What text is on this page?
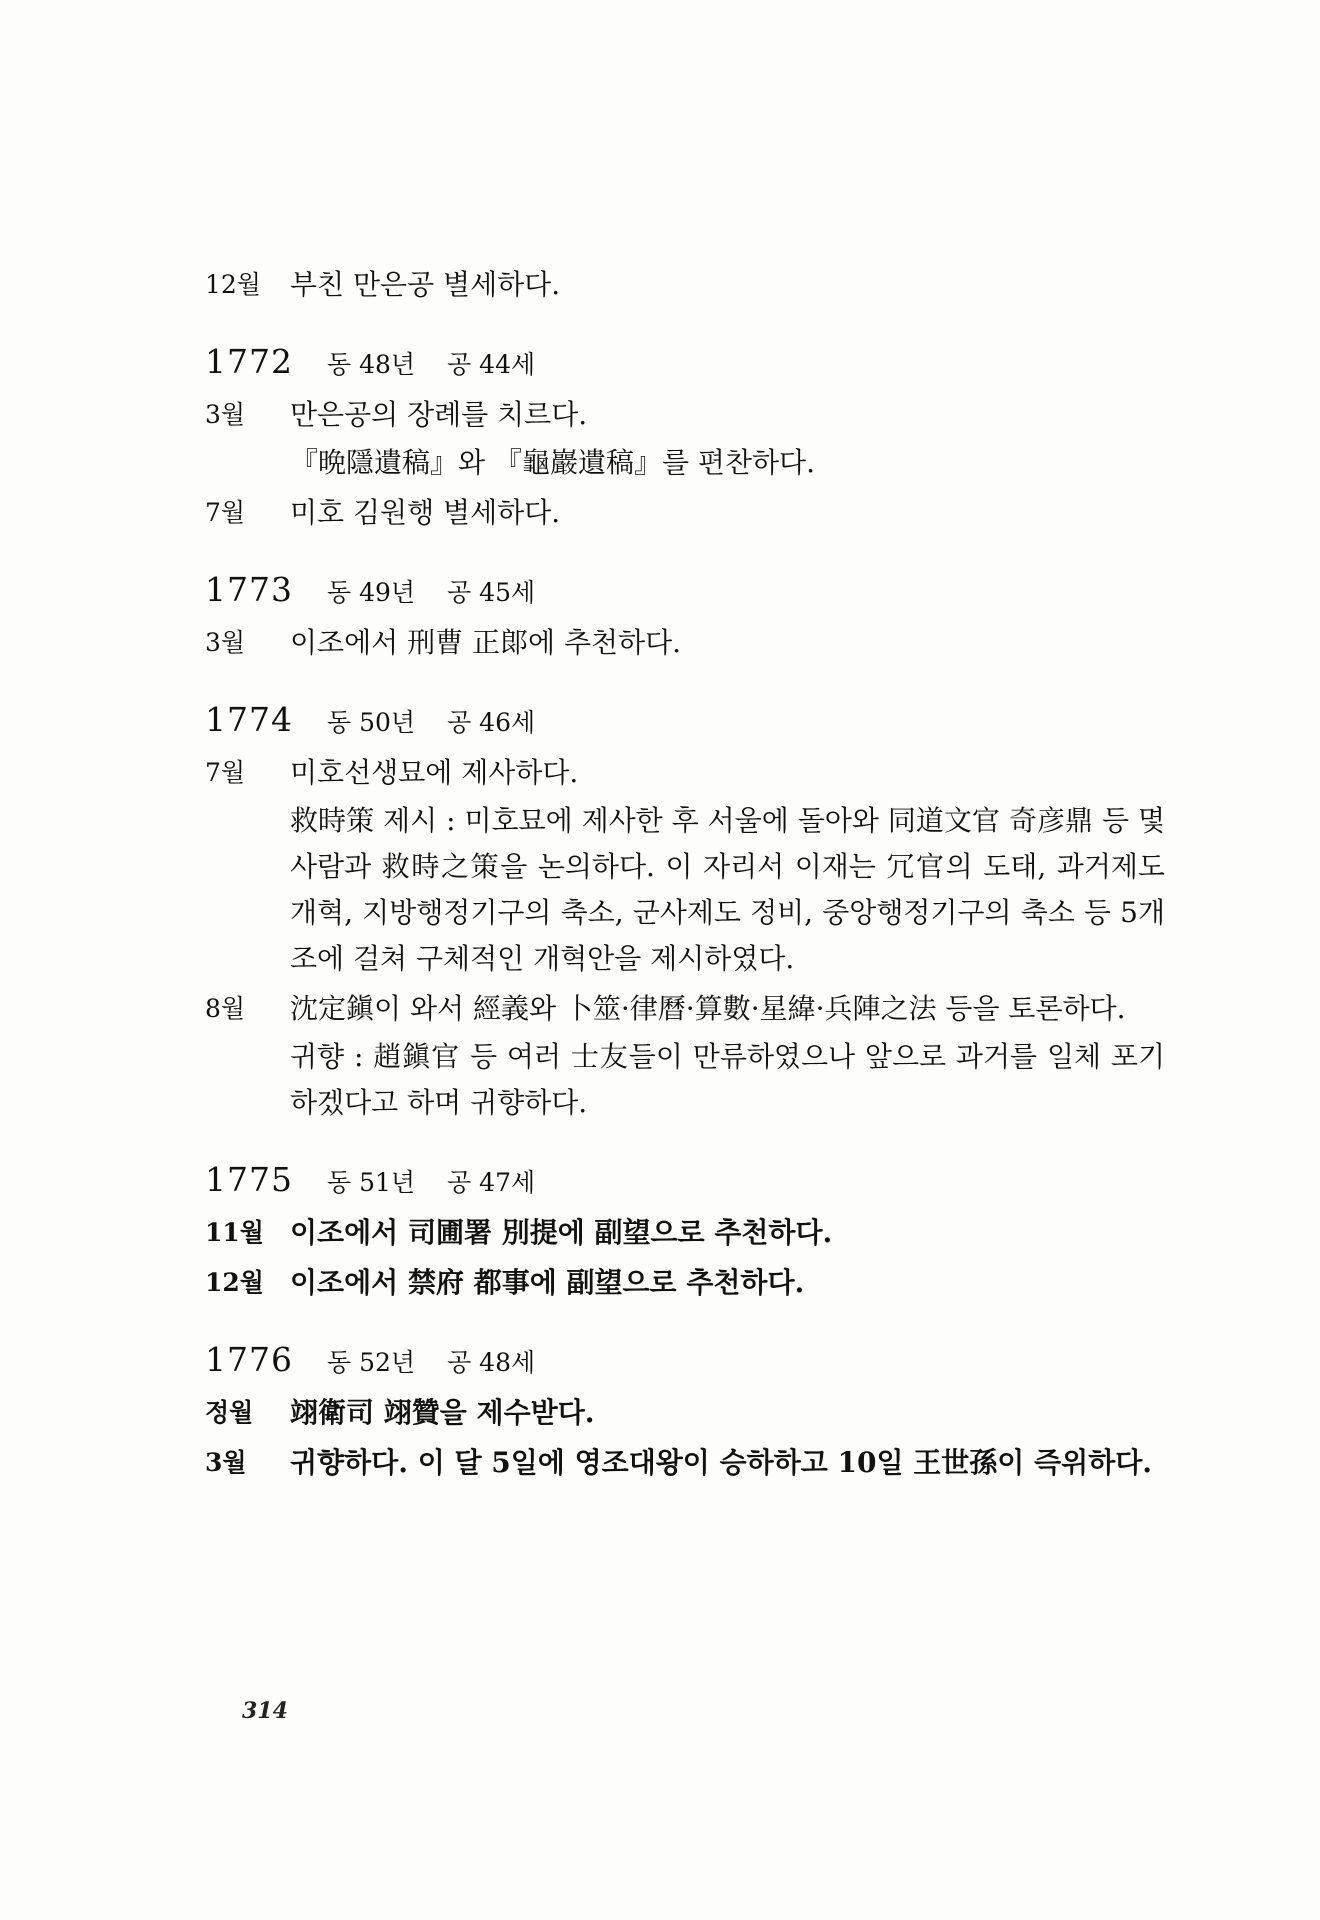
12월	부친 만은공 별세하다.
1772 동 48년 공 44세
3월	만은공의 장례를 치르다.
『晩隱遺稿』와 『龜巖遺稿』를 편찬하다.
7월	미호 김원행 별세하다.
1773 동 49년 공 45세
3월	이조에서 刑曹 正郞에 추천하다.
1774 동 50년 공 46세
7월	미호선생묘에 제사하다.
救時策 제시 : 미호묘에 제사한 후 서울에 돌아와 同道文官 奇彦鼎 등 몇 사람과 救時之策을 논의하다. 이 자리서 이재는 冗官의 도태, 과거제도 개혁, 지방행정기구의 축소, 군사제도 정비, 중앙행정기구의 축소 등 5개조에 걸쳐 구체적인 개혁안을 제시하였다.
8월	沈定鎭이 와서 經義와 卜筮·律曆·算數·星緯·兵陣之法 등을 토론하다.
귀향 : 趙鎭官 등 여러 士友들이 만류하였으나 앞으로 과거를 일체 포기하겠다고 하며 귀향하다.
1775 동 51년 공 47세
11월 이조에서 司圃署 別提에 副望으로 추천하다.
12월 이조에서 禁府 都事에 副望으로 추천하다.
1776 동 52년 공 48세
정월	翊衛司 翊贊을 제수받다.
3월	귀향하다. 이 달 5일에 영조대왕이 승하하고 10일 王世孫이 즉위하다.
314
